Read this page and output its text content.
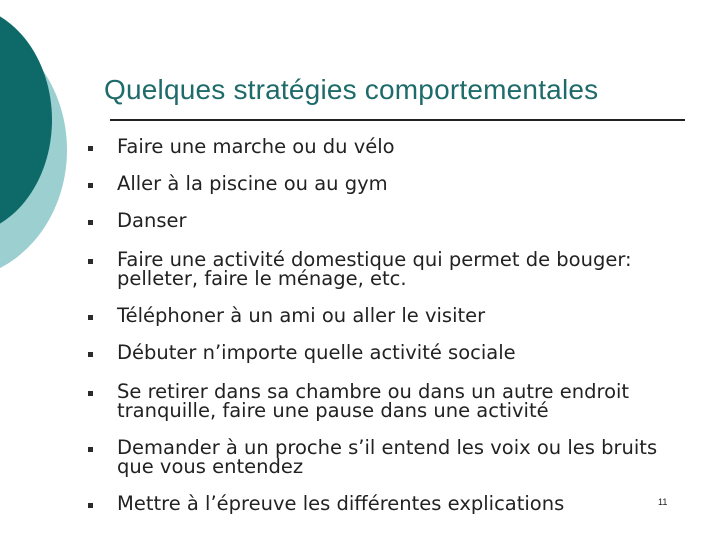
Quelques stratégies comportementales
Faire une marche ou du vélo
Aller à la piscine ou au gym
Danser
Faire une activité domestique qui permet de bouger: pelleter, faire le ménage, etc.
Téléphoner à un ami ou aller le visiter
Débuter n’importe quelle activité sociale
Se retirer dans sa chambre ou dans un autre endroit tranquille, faire une pause dans une activité
Demander à un proche s’il entend les voix ou les bruits que vous entendez
Mettre à l’épreuve les différentes explications	11
